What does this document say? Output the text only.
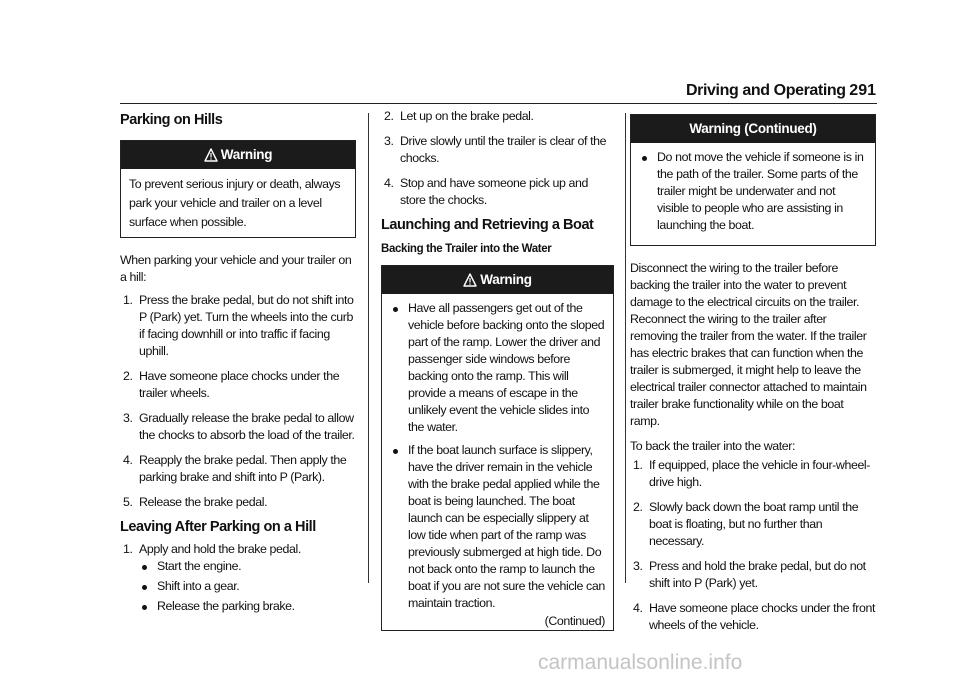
Driving and Operating 291
Parking on Hills
Warning

To prevent serious injury or death, always park your vehicle and trailer on a level surface when possible.

When parking your vehicle and your trailer on a hill:

1. Press the brake pedal, but do not shift into P (Park) yet. Turn the wheels into the curb if facing downhill or into traffic if facing uphill.
2. Have someone place chocks under the trailer wheels.
3. Gradually release the brake pedal to allow the chocks to absorb the load of the trailer.
4. Reapply the brake pedal. Then apply the parking brake and shift into P (Park).
5. Release the brake pedal.
Leaving After Parking on a Hill
1. Apply and hold the brake pedal.
Start the engine.
Shift into a gear.
Release the parking brake.
2. Let up on the brake pedal.
3. Drive slowly until the trailer is clear of the chocks.
4. Stop and have someone pick up and store the chocks.
Launching and Retrieving a Boat
Backing the Trailer into the Water
Warning
Have all passengers get out of the vehicle before backing onto the sloped part of the ramp. Lower the driver and passenger side windows before backing onto the ramp. This will provide a means of escape in the unlikely event the vehicle slides into the water.
If the boat launch surface is slippery, have the driver remain in the vehicle with the brake pedal applied while the boat is being launched. The boat launch can be especially slippery at low tide when part of the ramp was previously submerged at high tide. Do not back onto the ramp to launch the boat if you are not sure the vehicle can maintain traction.
(Continued)
Warning (Continued)
Do not move the vehicle if someone is in the path of the trailer. Some parts of the trailer might be underwater and not visible to people who are assisting in launching the boat.

Disconnect the wiring to the trailer before backing the trailer into the water to prevent damage to the electrical circuits on the trailer. Reconnect the wiring to the trailer after removing the trailer from the water. If the trailer has electric brakes that can function when the trailer is submerged, it might help to leave the electrical trailer connector attached to maintain trailer brake functionality while on the boat ramp.

To back the trailer into the water:

1. If equipped, place the vehicle in four-wheel-drive high.
2. Slowly back down the boat ramp until the boat is floating, but no further than necessary.
3. Press and hold the brake pedal, but do not shift into P (Park) yet.
4. Have someone place chocks under the front wheels of the vehicle.
carmanualsonline.info
